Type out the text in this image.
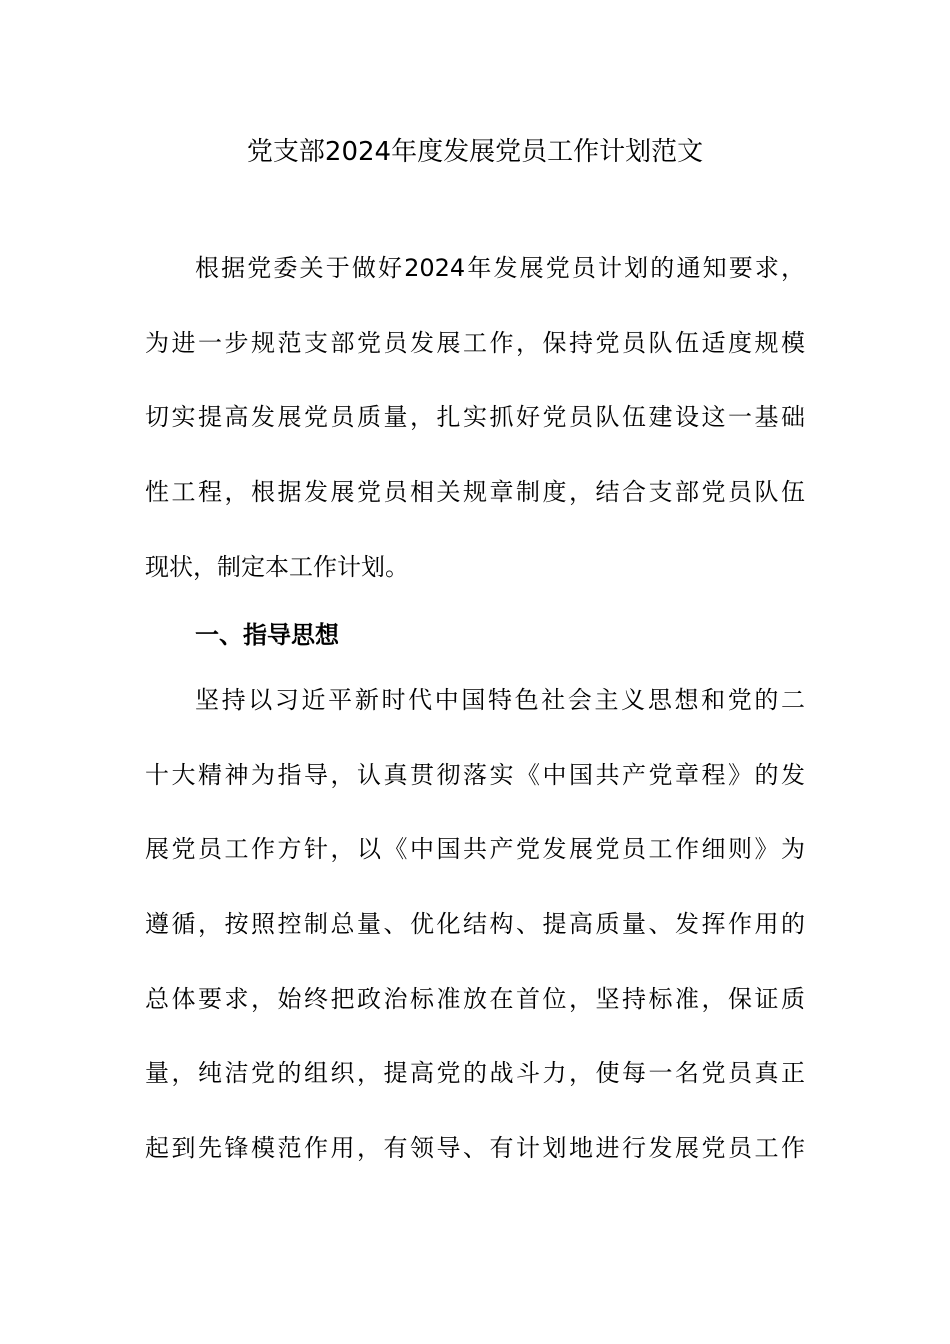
党支部2024年度发展党员工作计划范文
根据党委关于做好2024年发展党员计划的通知要求，
为进一步规范支部党员发展工作，保持党员队伍适度规模
切实提高发展党员质量，扎实抓好党员队伍建设这一基础
性工程，根据发展党员相关规章制度，结合支部党员队伍
现状，制定本工作计划。
一、指导思想
坚持以习近平新时代中国特色社会主义思想和党的二
十大精神为指导，认真贯彻落实《中国共产党章程》的发
展党员工作方针，以《中国共产党发展党员工作细则》为
遵循，按照控制总量、优化结构、提高质量、发挥作用的
总体要求，始终把政治标准放在首位，坚持标准，保证质
量，纯洁党的组织，提高党的战斗力，使每一名党员真正
起到先锋模范作用，有领导、有计划地进行发展党员工作
